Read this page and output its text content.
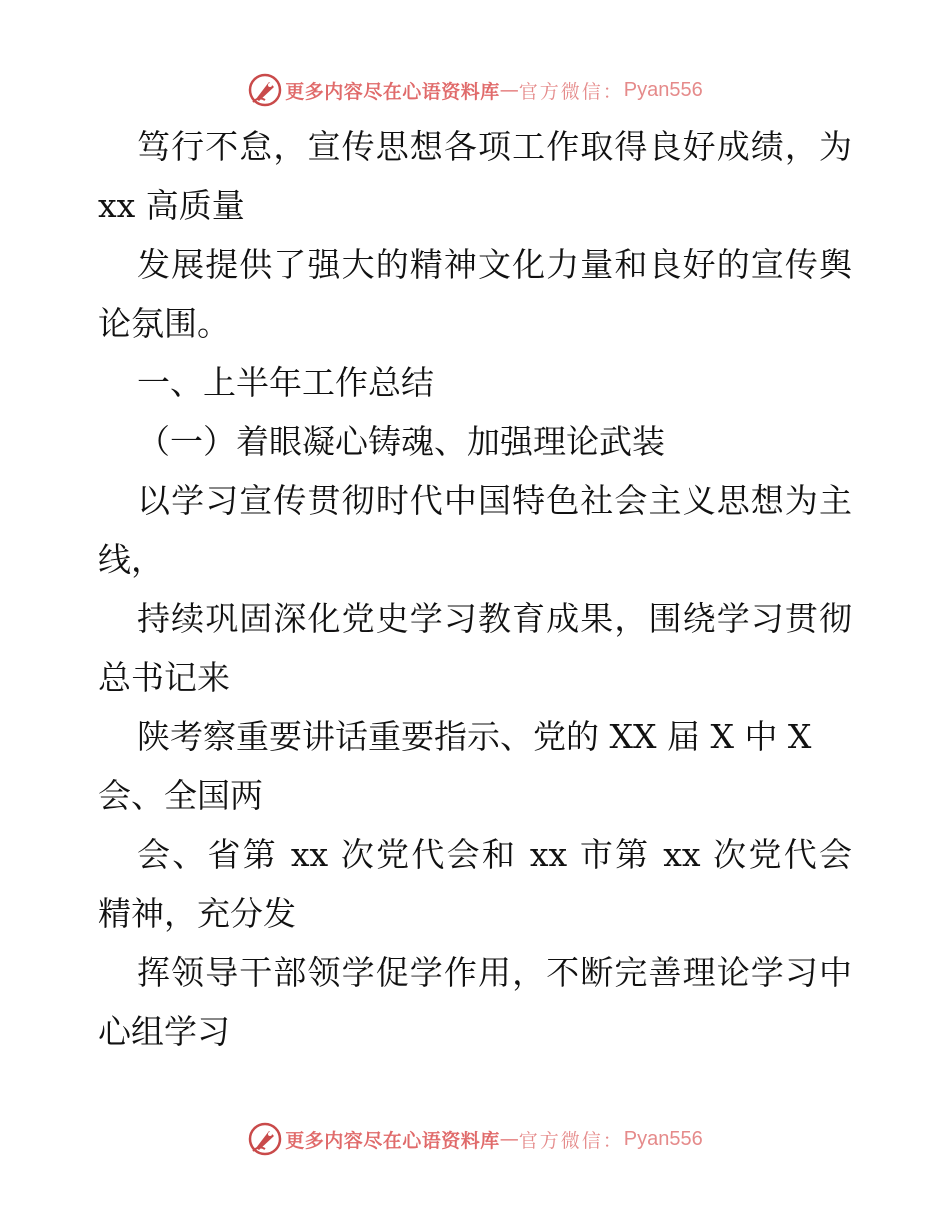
更多内容尽在心语资料库 — 官方微信： Pyan556
笃行不怠，宣传思想各项工作取得良好成绩，为
xx 高质量
发展提供了强大的精神文化力量和良好的宣传舆
论氛围。
一、上半年工作总结
（一）着眼凝心铸魂、加强理论武装
以学习宣传贯彻时代中国特色社会主义思想为主
线，
持续巩固深化党史学习教育成果，围绕学习贯彻
总书记来
陕考察重要讲话重要指示、党的 XX 届 X 中 X
会、全国两
会、省第 xx 次党代会和 xx 市第 xx 次党代会
精神，充分发
挥领导干部领学促学作用，不断完善理论学习中
心组学习
更多内容尽在心语资料库 — 官方微信： Pyan556
